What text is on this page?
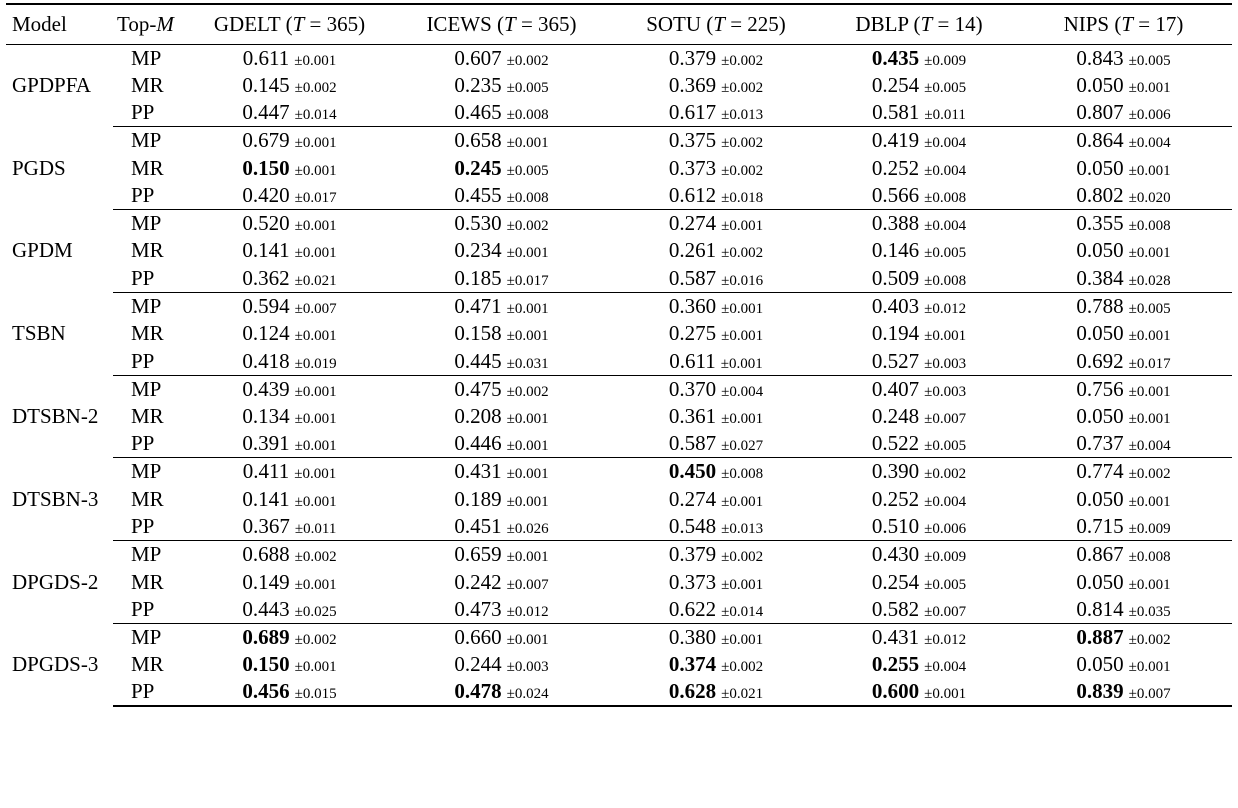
Model	Top-M	GDELT (T = 365)	ICEWS (T = 365)	SOTU (T = 225)	DBLP (T = 14)	NIPS (T = 17)
GPDPFA	MP	0.611 ±0.001	0.607 ±0.002	0.379 ±0.002	0.435 ±0.009	0.843 ±0.005
	MR	0.145 ±0.002	0.235 ±0.005	0.369 ±0.002	0.254 ±0.005	0.050 ±0.001
	PP	0.447 ±0.014	0.465 ±0.008	0.617 ±0.013	0.581 ±0.011	0.807 ±0.006
PGDS	MP	0.679 ±0.001	0.658 ±0.001	0.375 ±0.002	0.419 ±0.004	0.864 ±0.004
	MR	0.150 ±0.001	0.245 ±0.005	0.373 ±0.002	0.252 ±0.004	0.050 ±0.001
	PP	0.420 ±0.017	0.455 ±0.008	0.612 ±0.018	0.566 ±0.008	0.802 ±0.020
GPDM	MP	0.520 ±0.001	0.530 ±0.002	0.274 ±0.001	0.388 ±0.004	0.355 ±0.008
	MR	0.141 ±0.001	0.234 ±0.001	0.261 ±0.002	0.146 ±0.005	0.050 ±0.001
	PP	0.362 ±0.021	0.185 ±0.017	0.587 ±0.016	0.509 ±0.008	0.384 ±0.028
TSBN	MP	0.594 ±0.007	0.471 ±0.001	0.360 ±0.001	0.403 ±0.012	0.788 ±0.005
	MR	0.124 ±0.001	0.158 ±0.001	0.275 ±0.001	0.194 ±0.001	0.050 ±0.001
	PP	0.418 ±0.019	0.445 ±0.031	0.611 ±0.001	0.527 ±0.003	0.692 ±0.017
DTSBN-2	MP	0.439 ±0.001	0.475 ±0.002	0.370 ±0.004	0.407 ±0.003	0.756 ±0.001
	MR	0.134 ±0.001	0.208 ±0.001	0.361 ±0.001	0.248 ±0.007	0.050 ±0.001
	PP	0.391 ±0.001	0.446 ±0.001	0.587 ±0.027	0.522 ±0.005	0.737 ±0.004
DTSBN-3	MP	0.411 ±0.001	0.431 ±0.001	0.450 ±0.008	0.390 ±0.002	0.774 ±0.002
	MR	0.141 ±0.001	0.189 ±0.001	0.274 ±0.001	0.252 ±0.004	0.050 ±0.001
	PP	0.367 ±0.011	0.451 ±0.026	0.548 ±0.013	0.510 ±0.006	0.715 ±0.009
DPGDS-2	MP	0.688 ±0.002	0.659 ±0.001	0.379 ±0.002	0.430 ±0.009	0.867 ±0.008
	MR	0.149 ±0.001	0.242 ±0.007	0.373 ±0.001	0.254 ±0.005	0.050 ±0.001
	PP	0.443 ±0.025	0.473 ±0.012	0.622 ±0.014	0.582 ±0.007	0.814 ±0.035
DPGDS-3	MP	0.689 ±0.002	0.660 ±0.001	0.380 ±0.001	0.431 ±0.012	0.887 ±0.002
	MR	0.150 ±0.001	0.244 ±0.003	0.374 ±0.002	0.255 ±0.004	0.050 ±0.001
	PP	0.456 ±0.015	0.478 ±0.024	0.628 ±0.021	0.600 ±0.001	0.839 ±0.007
